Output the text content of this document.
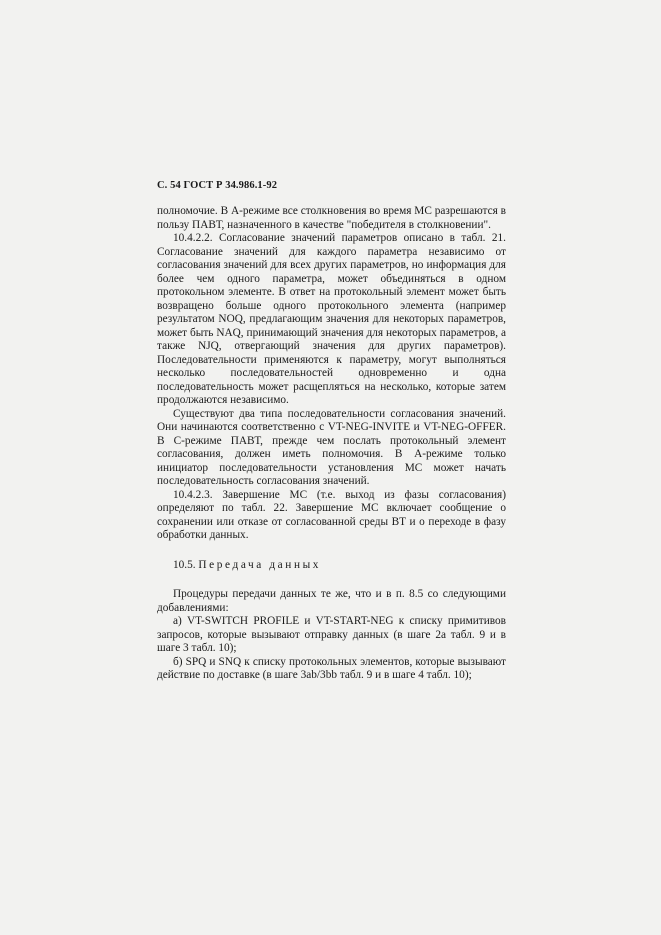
С. 54 ГОСТ Р 34.986.1-92

полномочие. В А-режиме все столкновения во время МС разрешаются в пользу ПАВТ, назначенного в качестве "победителя в столкновении".

10.4.2.2. Согласование значений параметров описано в табл. 21. Согласование значений для каждого параметра независимо от согласования значений для всех других параметров, но информация для более чем одного параметра, может объединяться в одном протокольном элементе. В ответ на протокольный элемент может быть возвращено больше одного протокольного элемента (например результатом NOQ, предлагающим значения для некоторых параметров, может быть NAQ, принимающий значения для некоторых параметров, а также NJQ, отвергающий значения для других параметров). Последовательности применяются к параметру, могут выполняться несколько последовательностей одновременно и одна последовательность может расщепляться на несколько, которые затем продолжаются независимо.

Существуют два типа последовательности согласования значений. Они начинаются соответственно с VT-NEG-INVITE и VT-NEG-OFFER. В С-режиме ПАВТ, прежде чем послать протокольный элемент согласования, должен иметь полномочия. В А-режиме только инициатор последовательности установления МС может начать последовательность согласования значений.

10.4.2.3. Завершение МС (т.е. выход из фазы согласования) определяют по табл. 22. Завершение МС включает сообщение о сохранении или отказе от согласованной среды ВТ и о переходе в фазу обработки данных.

10.5. Передача данных

Процедуры передачи данных те же, что и в п. 8.5 со следующими добавлениями:

а) VT-SWITCH PROFILE и VT-START-NEG к списку примитивов запросов, которые вызывают отправку данных (в шаге 2а табл. 9 и в шаге 3 табл. 10);

б) SPQ и SNQ к списку протокольных элементов, которые вызывают действие по доставке (в шаге 3ab/3bb табл. 9 и в шаге 4 табл. 10);
